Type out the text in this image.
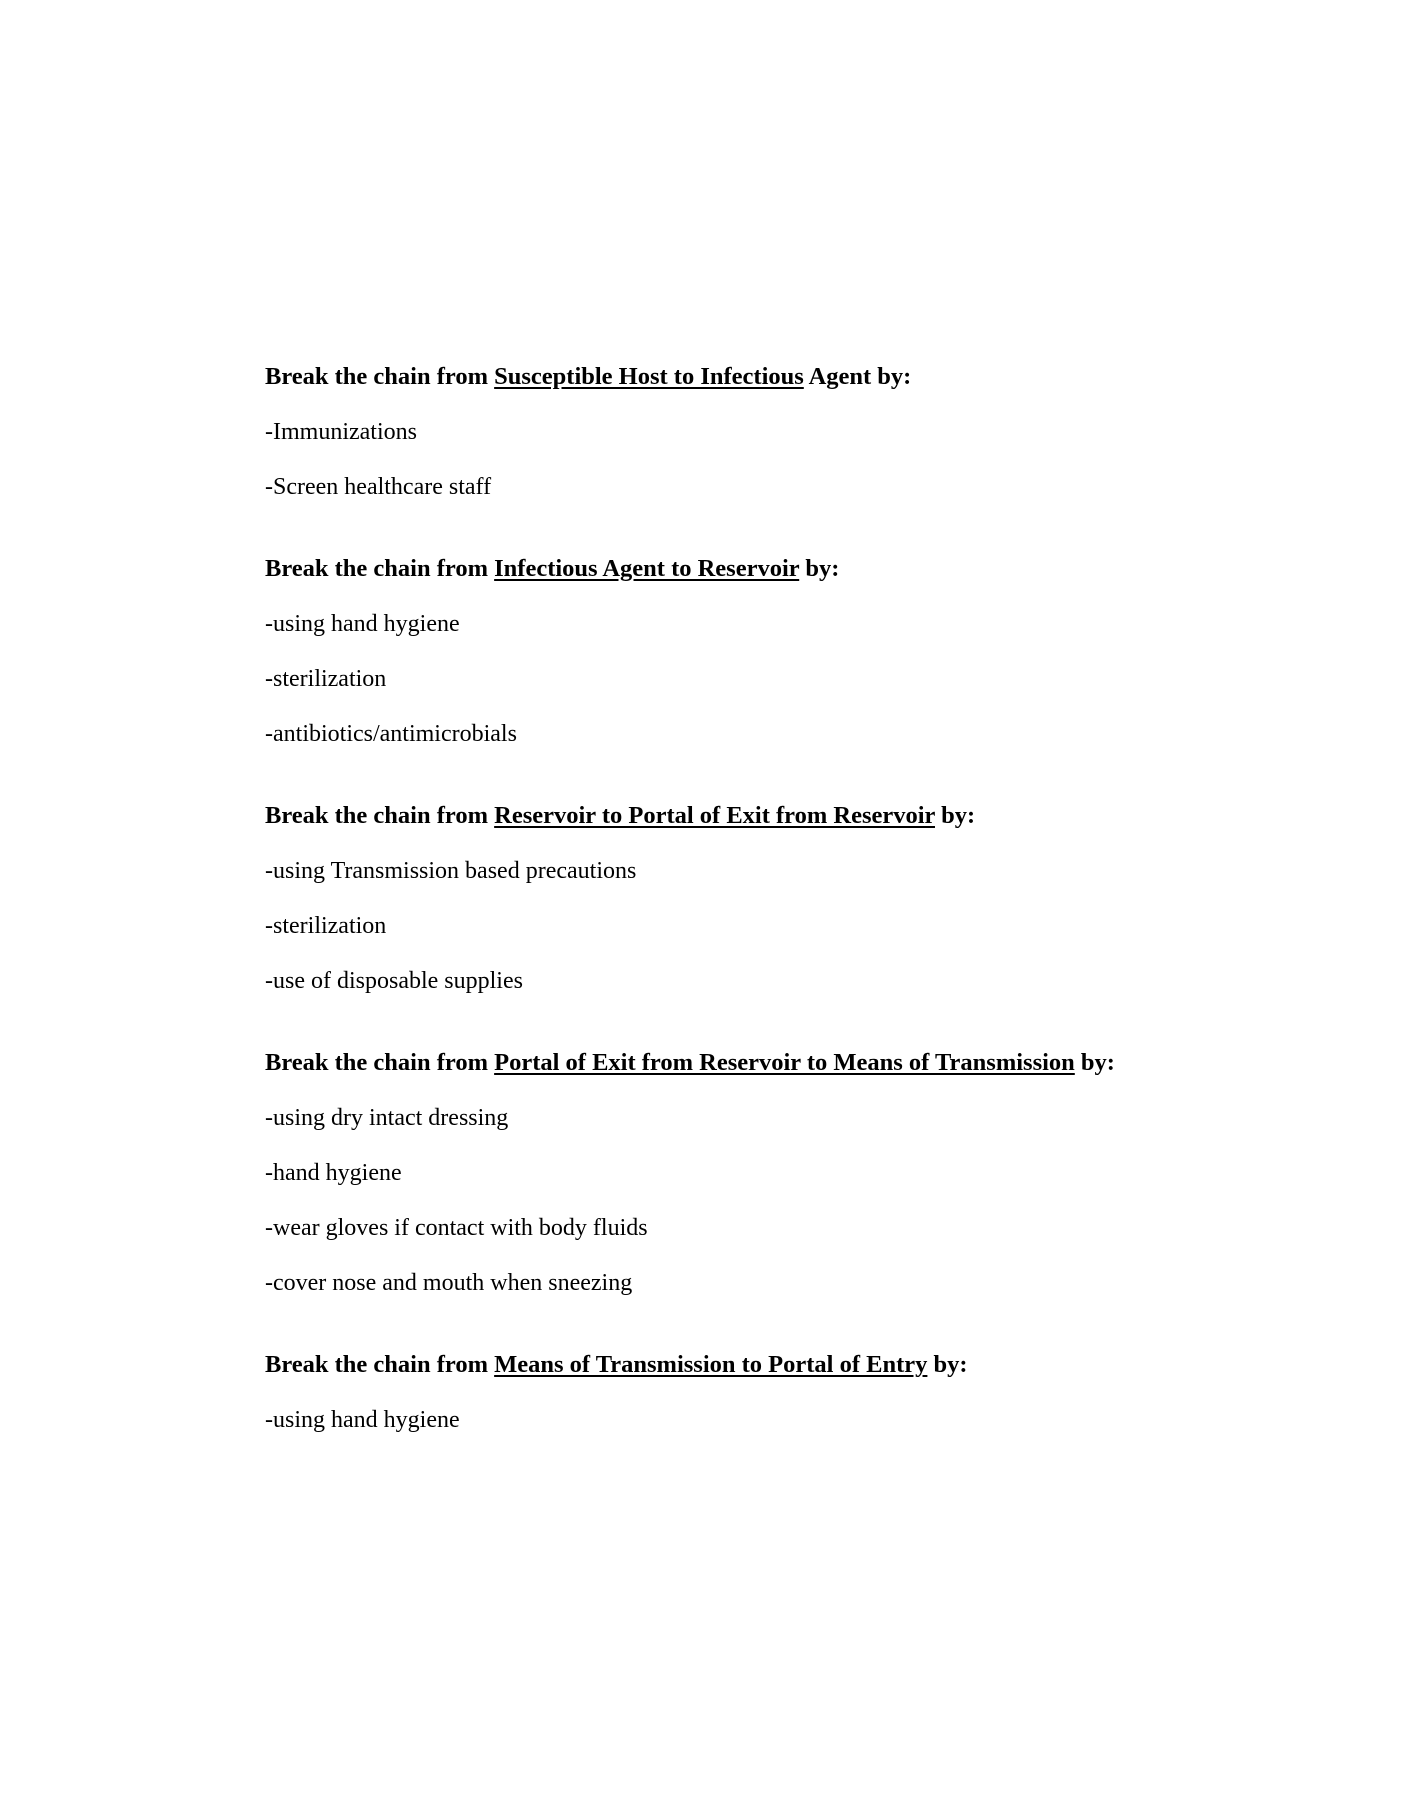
Break the chain from Susceptible Host to Infectious Agent by:
-Immunizations
-Screen healthcare staff
Break the chain from Infectious Agent to Reservoir by:
-using hand hygiene
-sterilization
-antibiotics/antimicrobials
Break the chain from Reservoir to Portal of Exit from Reservoir by:
-using Transmission based precautions
-sterilization
-use of disposable supplies
Break the chain from Portal of Exit from Reservoir to Means of Transmission by:
-using dry intact dressing
-hand hygiene
-wear gloves if contact with body fluids
-cover nose and mouth when sneezing
Break the chain from Means of Transmission to Portal of Entry by:
-using hand hygiene
